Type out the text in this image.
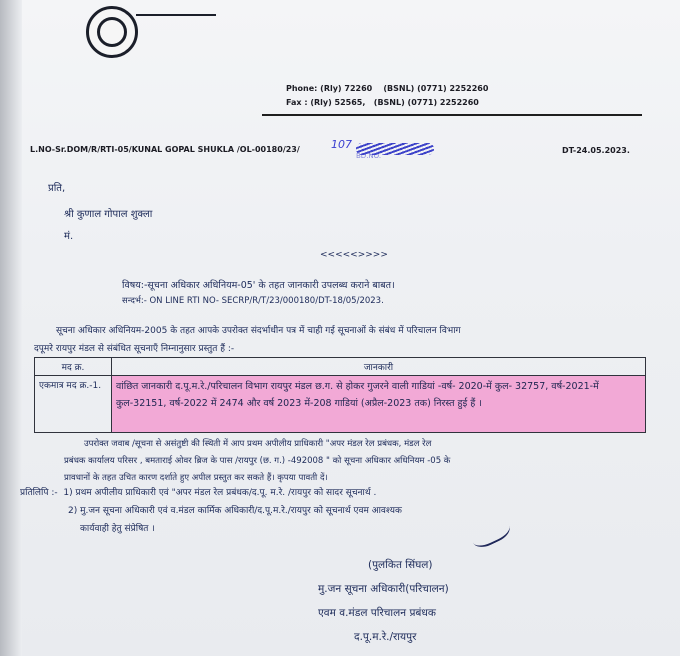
Phone: (Rly) 72260 (BSNL) (0771) 2252260
Fax : (Rly) 52565, (BSNL) (0771) 2252260
L.NO-Sr.DOM/R/RTI-05/KUNAL GOPAL SHUKLA /OL-00180/23/	107
BD.NO.
DT-24.05.2023.
प्रति,
श्री कुणाल गोपाल शुक्ला
मं.
<<<<<>>>>
विषय:-सूचना अधिकार अधिनियम-05' के तहत जानकारी उपलब्ध कराने बाबत।
सन्दर्भ:- ON LINE RTI NO- SECRP/R/T/23/000180/DT-18/05/2023.
सूचना अधिकार अधिनियम-2005 के तहत आपके उपरोक्त संदर्भाधीन पत्र में चाही गई सूचनाओं के संबंध में परिचालन विभाग
दपूमरे रायपुर मंडल से संबंधित सूचनाएँ निम्नानुसार प्रस्तुत हैं :-
मद क्र.	जानकारी
एकमात्र मद क्र.-1.	वांछित जानकारी द.पू.म.रे./परिचालन विभाग रायपुर मंडल छ.ग. से होकर गुजरने वाली गाडियां -वर्ष- 2020-में कुल- 32757, वर्ष-2021-में कुल-32151, वर्ष-2022 में 2474 और वर्ष 2023 में-208 गाडियां (अप्रैल-2023 तक) निरस्त हुई हैं ।
उपरोक्त जवाब /सूचना से असंतुष्टी की स्थिती में आप प्रथम अपीलीय प्राधिकारी "अपर मंडल रेल प्रबंधक, मंडल रेल
प्रबंधक कार्यालय परिसर , बमताराई ओवर ब्रिज के पास /रायपुर (छ. ग.) -492008 " को सूचना अधिकार अधिनियम -05 के
प्रावधानों के तहत उचित कारण दर्शाते हुए अपील प्रस्तुत कर सकते हैं। कृपया पावती दें।
प्रतिलिपि :- 1) प्रथम अपीलीय प्राधिकारी एवं "अपर मंडल रेल प्रबंधक/द.पू. म.रे. /रायपुर को सादर सूचनार्थ .
2) मु.जन सूचना अधिकारी एवं व.मंडल कार्मिक अधिकारी/द.पू.म.रे./रायपुर को सूचनार्थ एवम आवश्यक
कार्यवाही हेतु संप्रेषित ।
(पुलकित सिंघल)
मु.जन सूचना अधिकारी(परिचालन)
एवम व.मंडल परिचालन प्रबंधक
द.पू.म.रे./रायपुर
